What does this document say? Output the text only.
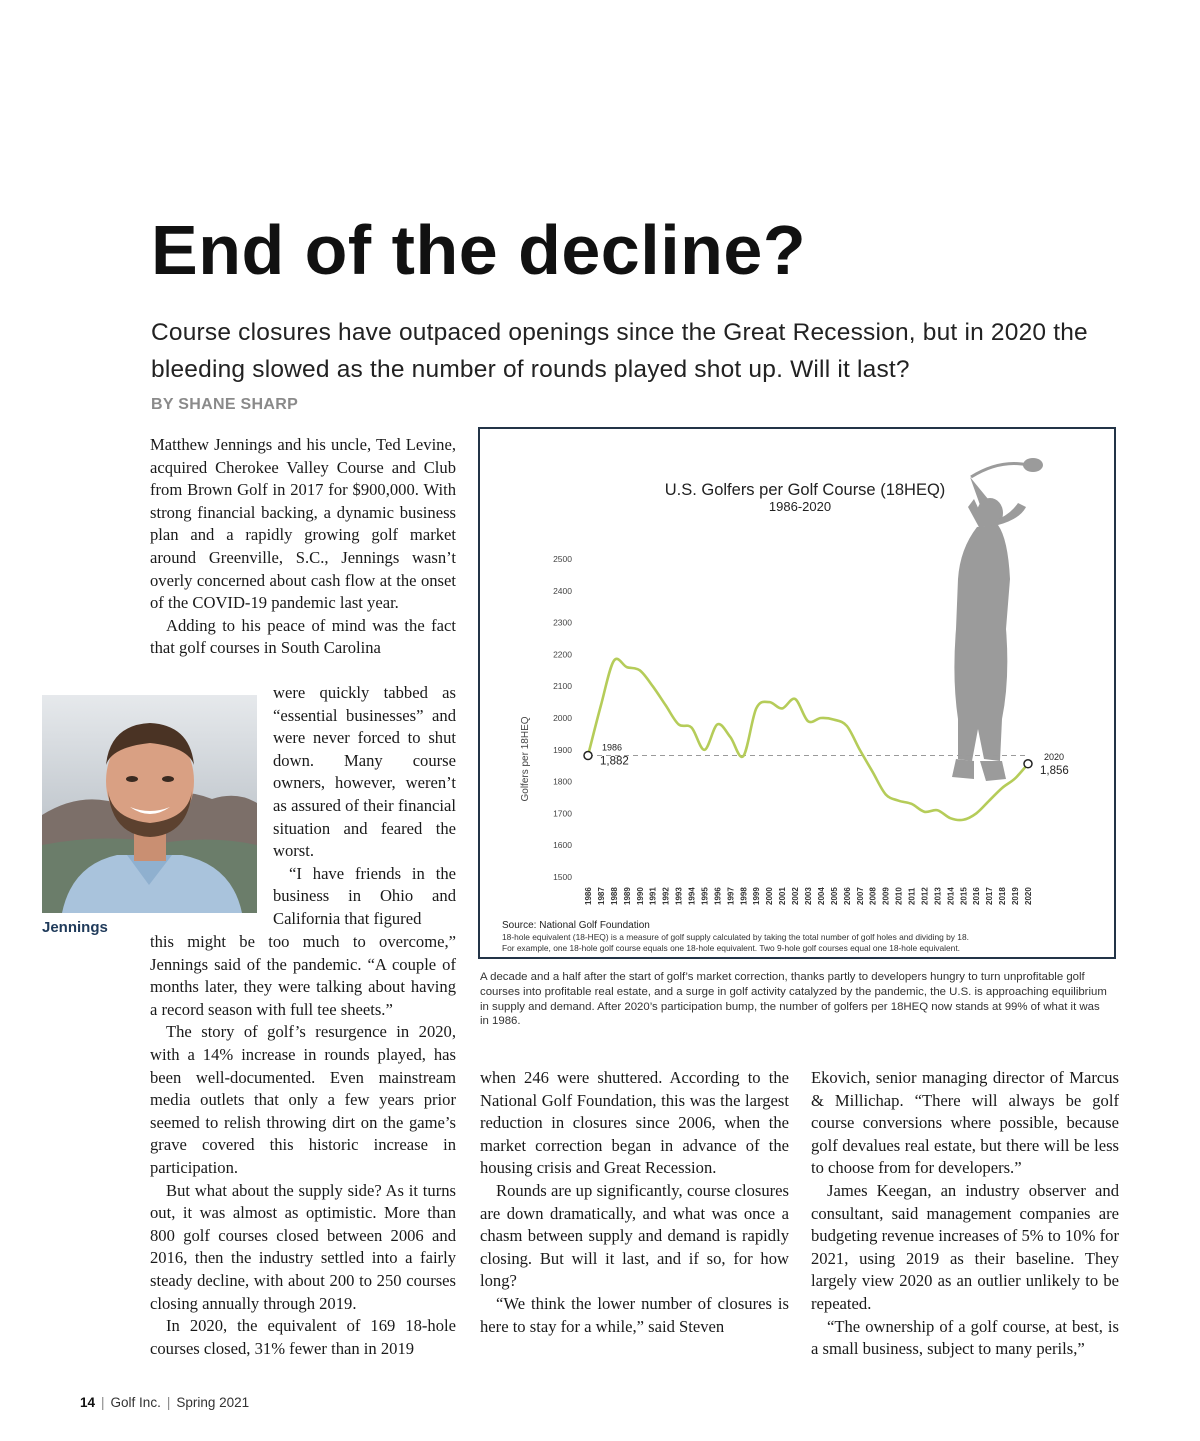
End of the decline?

Course closures have outpaced openings since the Great Recession, but in 2020 the bleeding slowed as the number of rounds played shot up. Will it last?

BY SHANE SHARP

Matthew Jennings and his uncle, Ted Levine, acquired Cherokee Valley Course and Club from Brown Golf in 2017 for $900,000. With strong financial backing, a dynamic business plan and a rapidly growing golf market around Greenville, S.C., Jennings wasn’t overly concerned about cash flow at the onset of the COVID-19 pandemic last year.

Adding to his peace of mind was the fact that golf courses in South Carolina

were quickly tabbed as “essential businesses” and were never forced to shut down. Many course owners, however, weren’t as assured of their financial situation and feared the worst.

“I have friends in the business in Ohio and California that figured

this might be too much to overcome,” Jennings said of the pandemic. “A couple of months later, they were talking about having a record season with full tee sheets.”

The story of golf’s resurgence in 2020, with a 14% increase in rounds played, has been well-documented. Even mainstream media outlets that only a few years prior seemed to relish throwing dirt on the game’s grave covered this historic increase in participation.

But what about the supply side? As it turns out, it was almost as optimistic. More than 800 golf courses closed between 2006 and 2016, then the industry settled into a fairly steady decline, with about 200 to 250 courses closing annually through 2019.

In 2020, the equivalent of 169 18-hole courses closed, 31% fewer than in 2019

Jennings
U.S. Golfers per Golf Course (18HEQ)
1986-2020
Golfers per 18HEQ
2500
2400
2300
2200
2100
2000
1900
1800
1700
1600
1500
1986 1987 1988 1989 1990 1991 1992 1993 1994 1995 1996 1997 1998 1999 2000 2001 2002 2003 2004 2005 2006 2007 2008 2009 2010 2011 2012 2013 2014 2015 2016 2017 2018 2019 2020
1986
1,882	2020
1,856
Source: National Golf Foundation
18-hole equivalent (18-HEQ) is a measure of golf supply calculated by taking the total number of golf holes and dividing by 18.
For example, one 18-hole golf course equals one 18-hole equivalent. Two 9-hole golf courses equal one 18-hole equivalent.

A decade and a half after the start of golf’s market correction, thanks partly to developers hungry to turn unprofitable golf courses into profitable real estate, and a surge in golf activity catalyzed by the pandemic, the U.S. is approaching equilibrium in supply and demand. After 2020’s participation bump, the number of golfers per 18HEQ now stands at 99% of what it was in 1986.

when 246 were shuttered. According to the National Golf Foundation, this was the largest reduction in closures since 2006, when the market correction began in advance of the housing crisis and Great Recession.

Rounds are up significantly, course closures are down dramatically, and what was once a chasm between supply and demand is rapidly closing. But will it last, and if so, for how long?

“We think the lower number of closures is here to stay for a while,” said Steven

Ekovich, senior managing director of Marcus & Millichap. “There will always be golf course conversions where possible, because golf devalues real estate, but there will be less to choose from for developers.”

James Keegan, an industry observer and consultant, said management companies are budgeting revenue increases of 5% to 10% for 2021, using 2019 as their baseline. They largely view 2020 as an outlier unlikely to be repeated.

“The ownership of a golf course, at best, is a small business, subject to many perils,”

14 | Golf Inc. | Spring 2021
